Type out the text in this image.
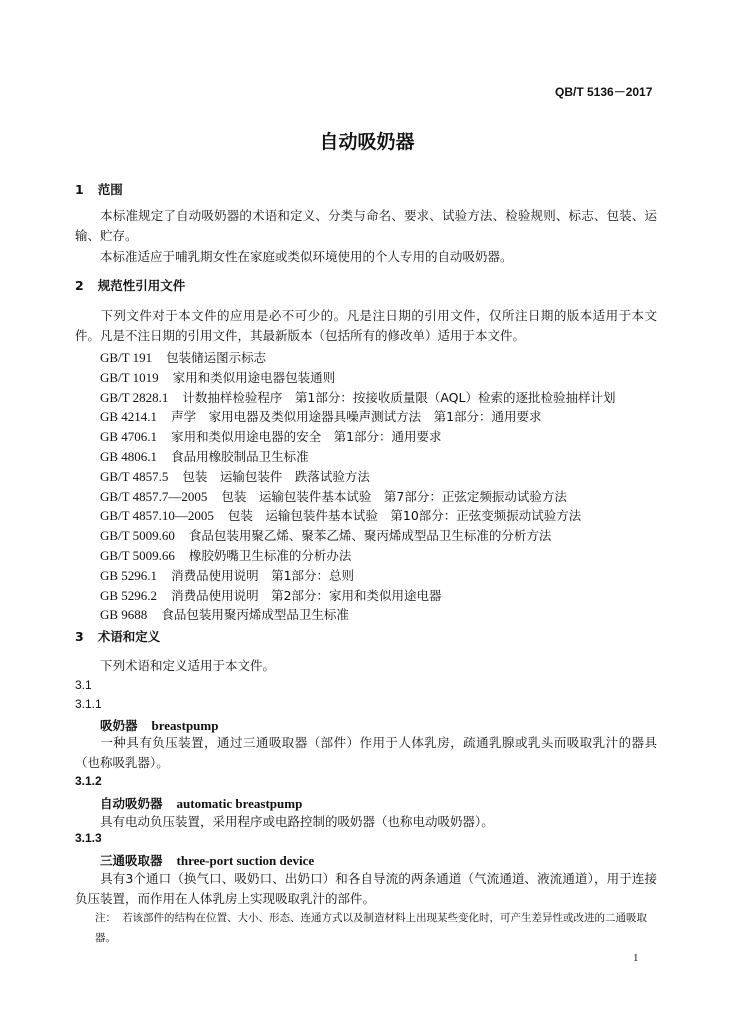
QB/T 5136－2017
自动吸奶器
1 范围
本标准规定了自动吸奶器的术语和定义、分类与命名、要求、试验方法、检验规则、标志、包装、运输、贮存。
本标准适应于哺乳期女性在家庭或类似环境使用的个人专用的自动吸奶器。
2 规范性引用文件
下列文件对于本文件的应用是必不可少的。凡是注日期的引用文件，仅所注日期的版本适用于本文件。凡是不注日期的引用文件，其最新版本（包括所有的修改单）适用于本文件。
GB/T 191 包装储运图示标志
GB/T 1019 家用和类似用途电器包装通则
GB/T 2828.1 计数抽样检验程序　第1部分：按接收质量限（AQL）检索的逐批检验抽样计划
GB 4214.1 声学　家用电器及类似用途器具噪声测试方法　第1部分：通用要求
GB 4706.1 家用和类似用途电器的安全　第1部分：通用要求
GB 4806.1 食品用橡胶制品卫生标准
GB/T 4857.5 包装　运输包装件　跌落试验方法
GB/T 4857.7—2005 包装　运输包装件基本试验　第7部分：正弦定频振动试验方法
GB/T 4857.10—2005 包装　运输包装件基本试验　第10部分：正弦变频振动试验方法
GB/T 5009.60 食品包装用聚乙烯、聚苯乙烯、聚丙烯成型品卫生标准的分析方法
GB/T 5009.66 橡胶奶嘴卫生标准的分析办法
GB 5296.1 消费品使用说明　第1部分：总则
GB 5296.2 消费品使用说明　第2部分：家用和类似用途电器
GB 9688 食品包装用聚丙烯成型品卫生标准
3 术语和定义
下列术语和定义适用于本文件。
3.1
3.1.1
吸奶器 breastpump
一种具有负压装置，通过三通吸取器（部件）作用于人体乳房，疏通乳腺或乳头而吸取乳汁的器具（也称吸乳器）。
3.1.2
自动吸奶器 automatic breastpump
具有电动负压装置，采用程序或电路控制的吸奶器（也称电动吸奶器）。
3.1.3
三通吸取器 three-port suction device
具有3个通口（换气口、吸奶口、出奶口）和各自导流的两条通道（气流通道、液流通道），用于连接负压装置，而作用在人体乳房上实现吸取乳汁的部件。
注： 若该部件的结构在位置、大小、形态、连通方式以及制造材料上出现某些变化时，可产生差异性或改进的二通吸取器。
1
